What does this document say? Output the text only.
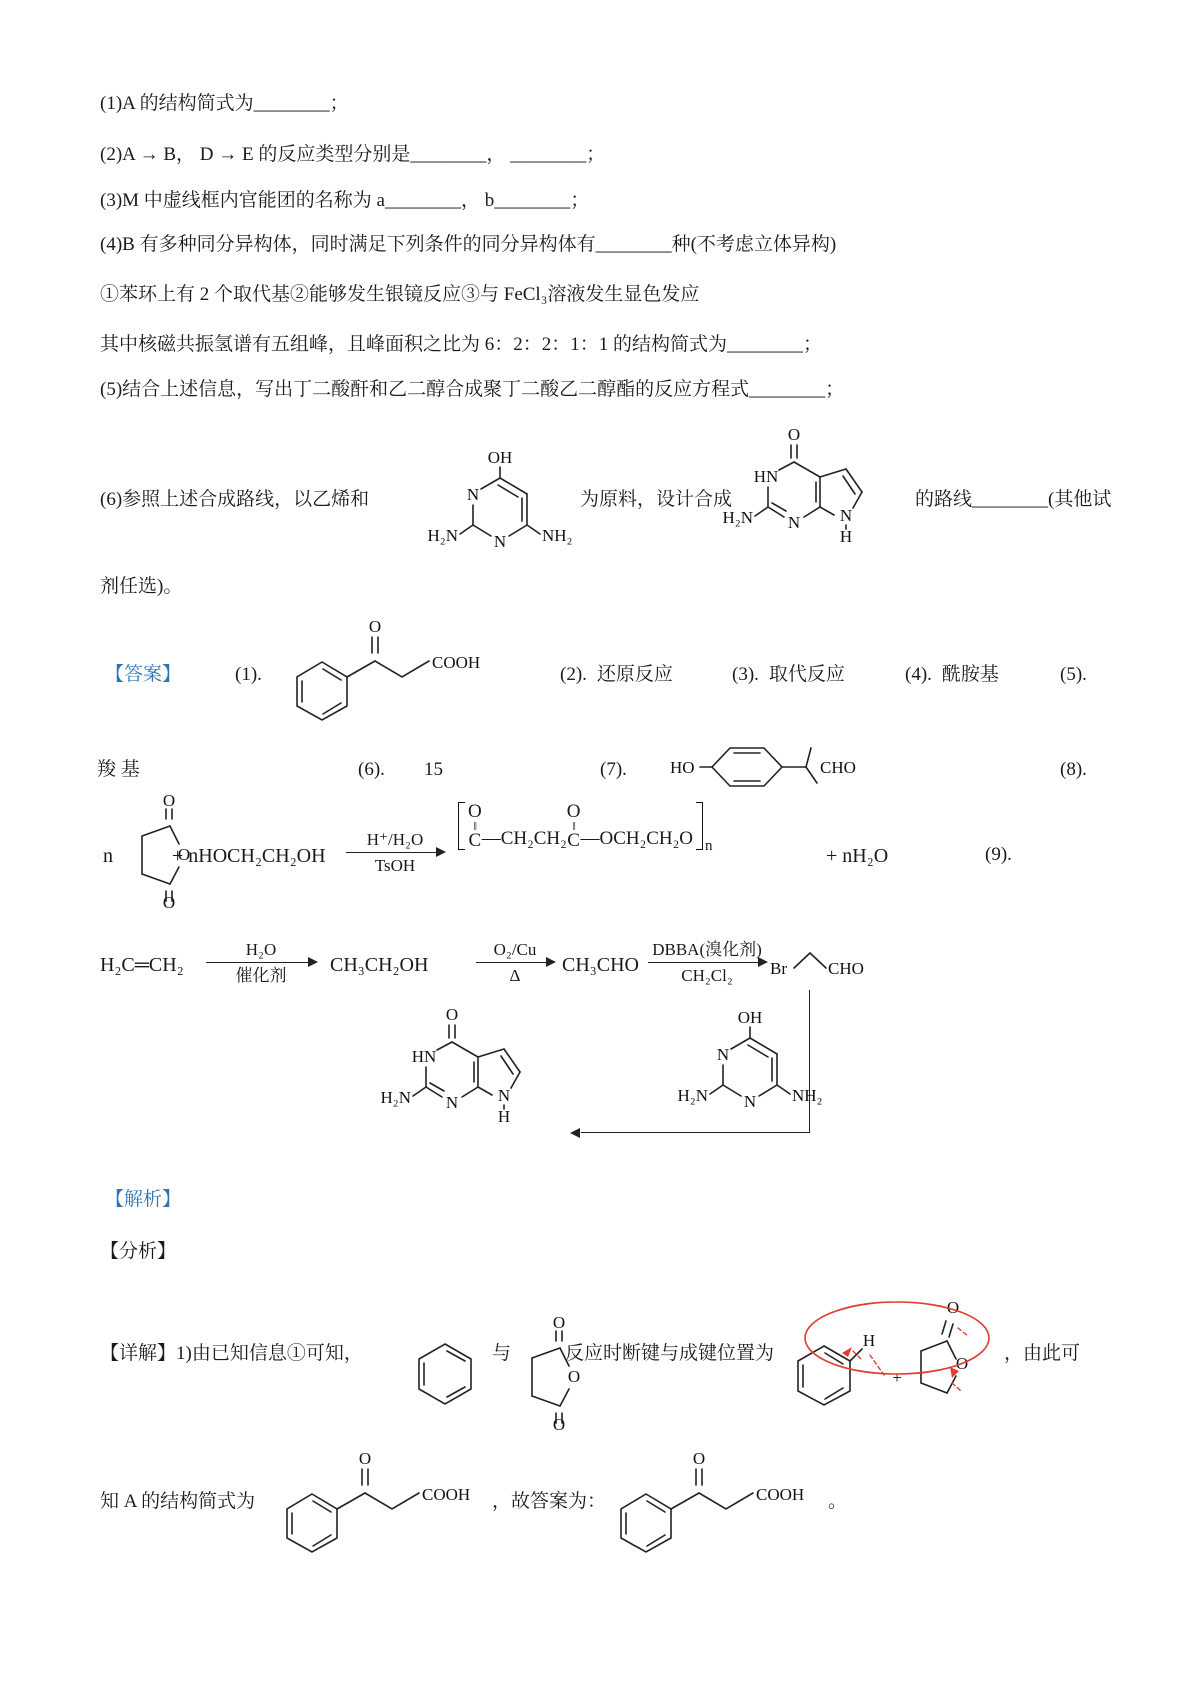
(1)A 的结构简式为________；
(2)A → B， D → E 的反应类型分别是________， ________；
(3)M 中虚线框内官能团的名称为 a________， b________；
(4)B 有多种同分异构体，同时满足下列条件的同分异构体有________种(不考虑立体异构)
①苯环上有 2 个取代基②能够发生银镜反应③与 FeCl₃溶液发生显色发应
其中核磁共振氢谱有五组峰，且峰面积之比为 6：2：2：1：1 的结构简式为________；
(5)结合上述信息，写出丁二酸酐和乙二醇合成聚丁二酸乙二醇酯的反应方程式________；
(6)参照上述合成路线，以乙烯和	为原料，设计合成	的路线________(其他试
剂任选)。
【答案】	(1).	(2). 还原反应	(3). 取代反应	(4). 酰胺基	(5).
羧 基	(6). 15	(7).	(8).
n	+ nHOCH₂CH₂OH
H⁺/H₂O
TsOH
O
‖
C —CH₂CH₂
O
‖
C —OCH₂CH₂O n	+ nH₂O	(9).
H₂C═CH₂
H₂O
催化剂 CH₃CH₂OH
O₂/Cu
Δ CH₃CHO
DBBA(溴化剂)
CH₂Cl₂
【解析】
【分析】
【详解】1)由已知信息①可知，	与	反应时断键与成键位置为	，由此可
知 A 的结构简式为	，故答案为：	。
